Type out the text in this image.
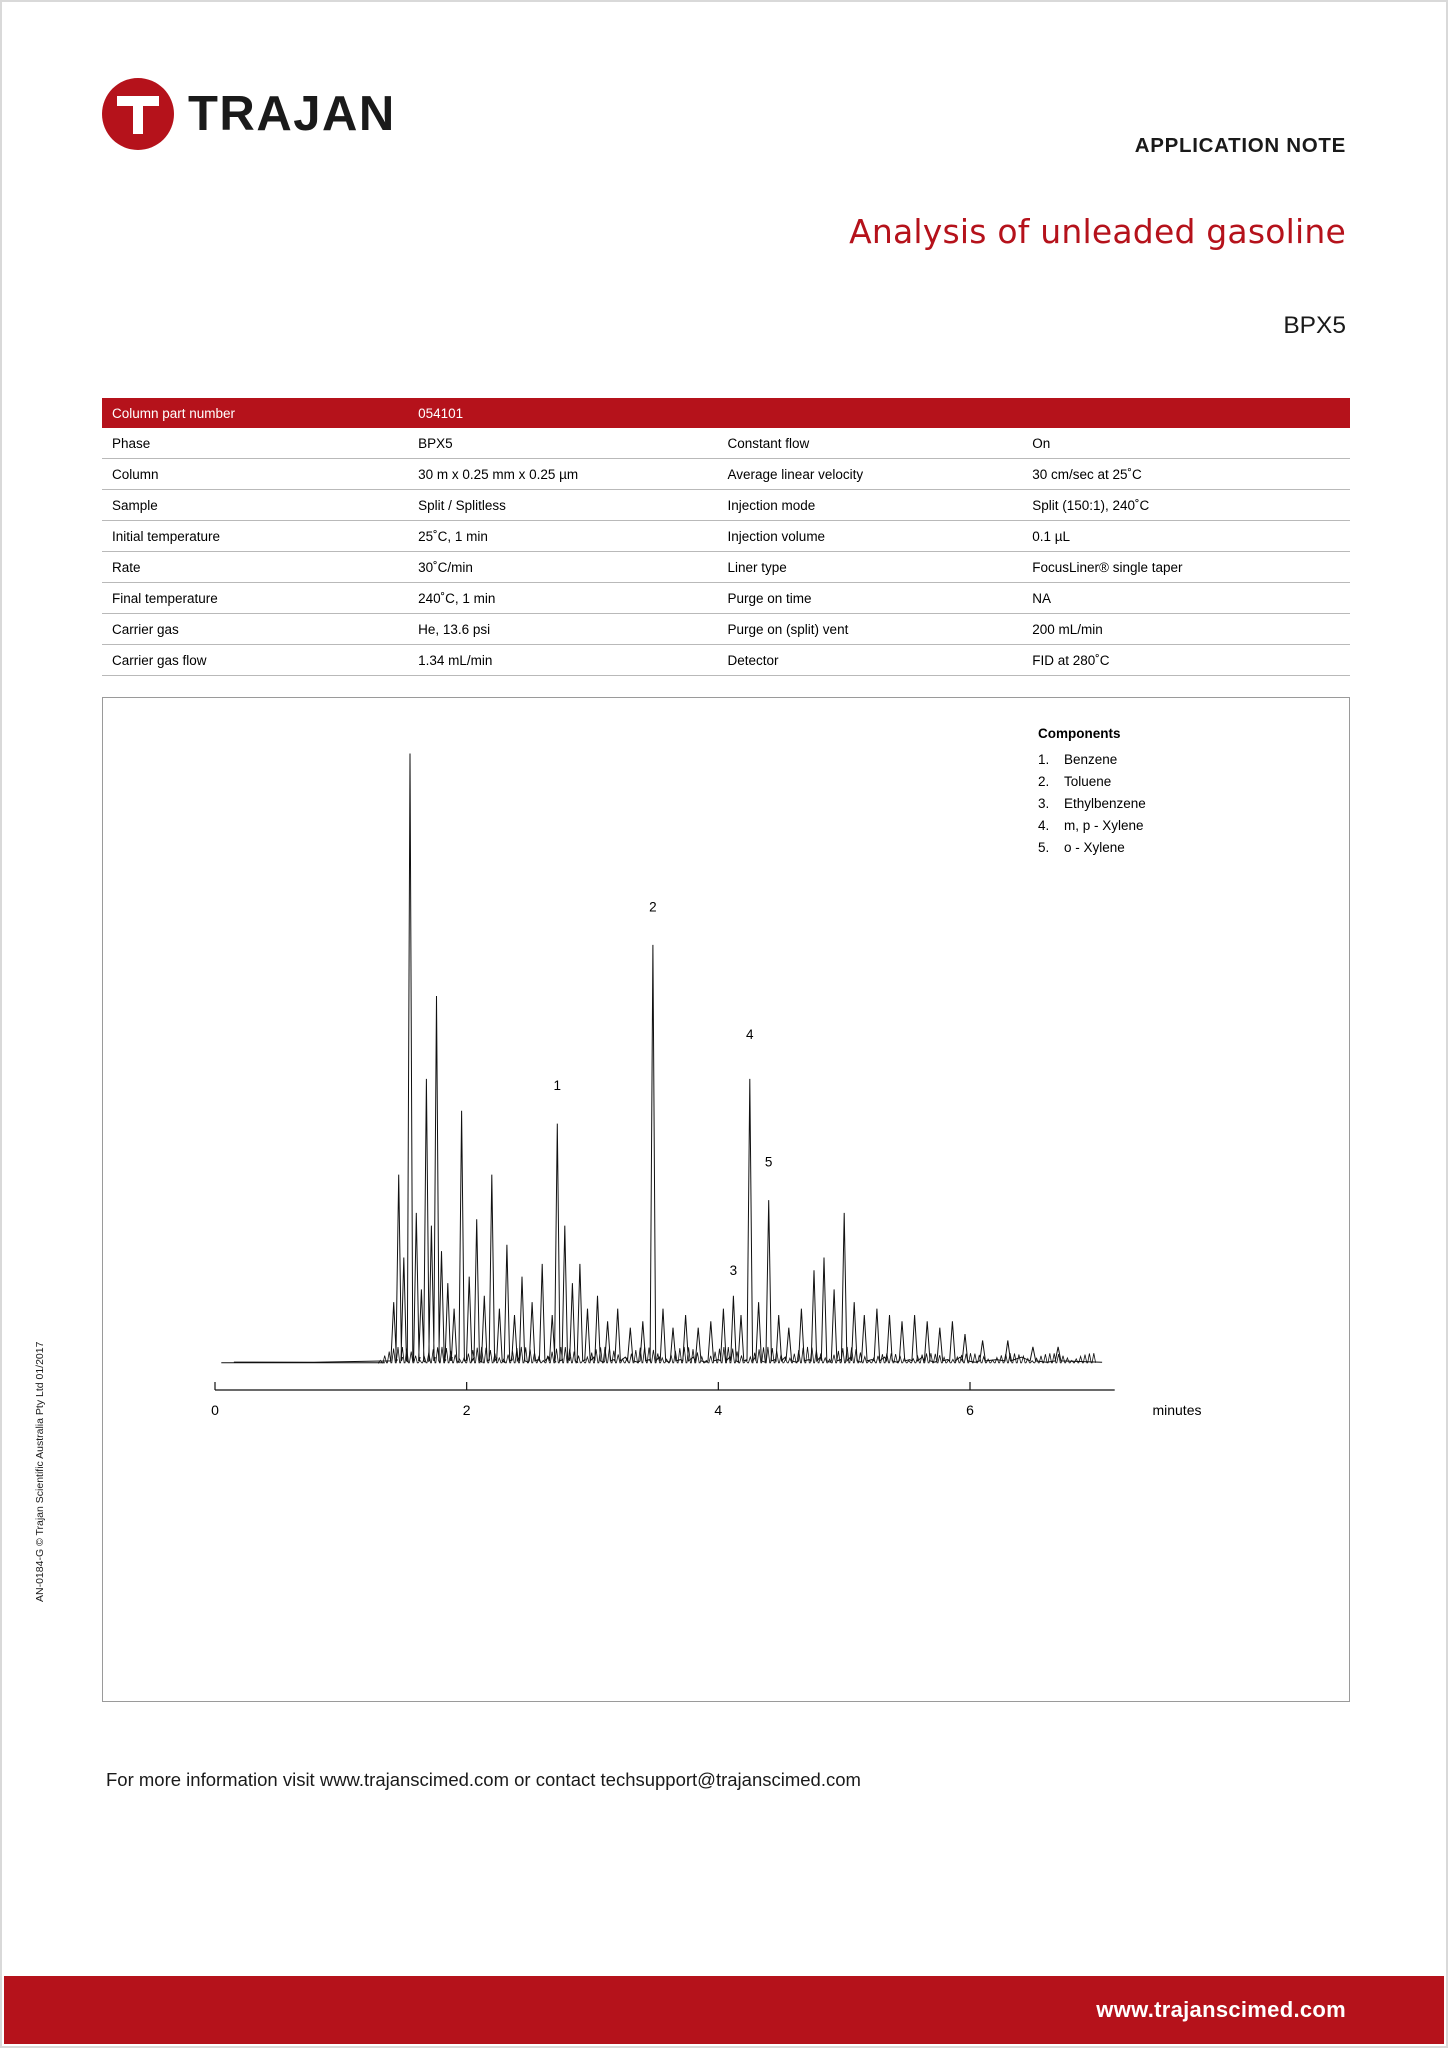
TRAJAN
APPLICATION NOTE
Analysis of unleaded gasoline
BPX5
Column part number	054101		
Phase	BPX5	Constant flow	On
Column	30 m x 0.25 mm x 0.25 µm	Average linear velocity	30 cm/sec at 25˚C
Sample	Split / Splitless	Injection mode	Split (150:1), 240˚C
Initial temperature	25˚C, 1 min	Injection volume	0.1 µL
Rate	30˚C/min	Liner type	FocusLiner® single taper
Final temperature	240˚C, 1 min	Purge on time	NA
Carrier gas	He, 13.6 psi	Purge on (split) vent	200 mL/min
Carrier gas flow	1.34 mL/min	Detector	FID at 280˚C
Components
1.	Benzene
2.	Toluene
3.	Ethylbenzene
4.	m, p - Xylene
5.	o - Xylene
0	2	4	6	minutes
1
2
3
4
5
For more information visit www.trajanscimed.com or contact techsupport@trajanscimed.com
AN-0184-G © Trajan Scientific Australia Pty Ltd 01/2017
www.trajanscimed.com
